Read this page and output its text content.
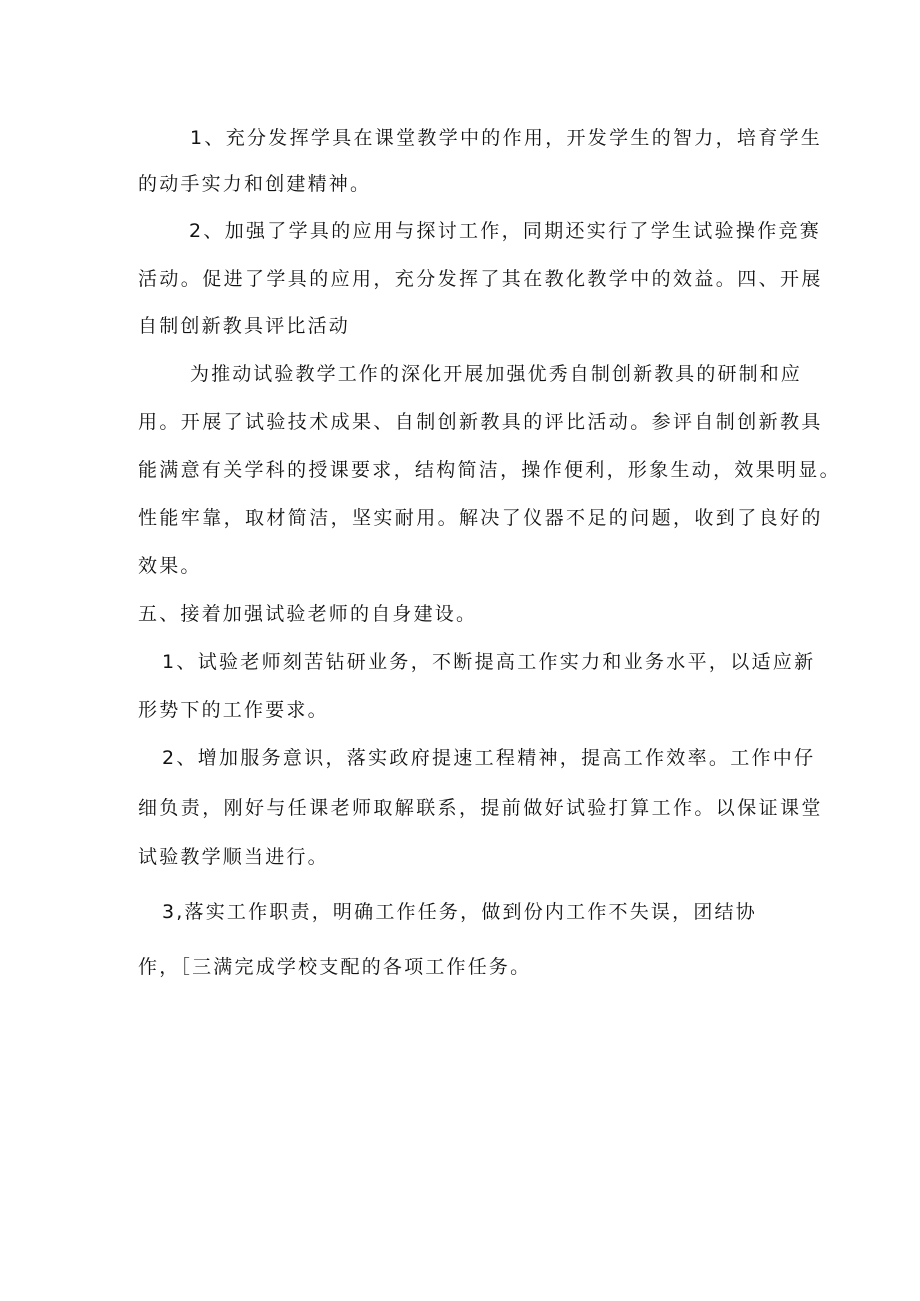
1、充分发挥学具在课堂教学中的作用，开发学生的智力，培育学生
的动手实力和创建精神。
2、加强了学具的应用与探讨工作，同期还实行了学生试验操作竞赛
活动。促进了学具的应用，充分发挥了其在教化教学中的效益。四、开展
自制创新教具评比活动
为推动试验教学工作的深化开展加强优秀自制创新教具的研制和应
用。开展了试验技术成果、自制创新教具的评比活动。参评自制创新教具
能满意有关学科的授课要求，结构简洁，操作便利，形象生动，效果明显。
性能牢靠，取材简洁，坚实耐用。解决了仪器不足的问题，收到了良好的
效果。
五、接着加强试验老师的自身建设。
1、试验老师刻苦钻研业务，不断提高工作实力和业务水平，以适应新
形势下的工作要求。
2、增加服务意识，落实政府提速工程精神，提高工作效率。工作中仔
细负责，刚好与任课老师取解联系，提前做好试验打算工作。以保证课堂
试验教学顺当进行。
3,落实工作职责，明确工作任务，做到份内工作不失误，团结协
作，［三满完成学校支配的各项工作任务。
